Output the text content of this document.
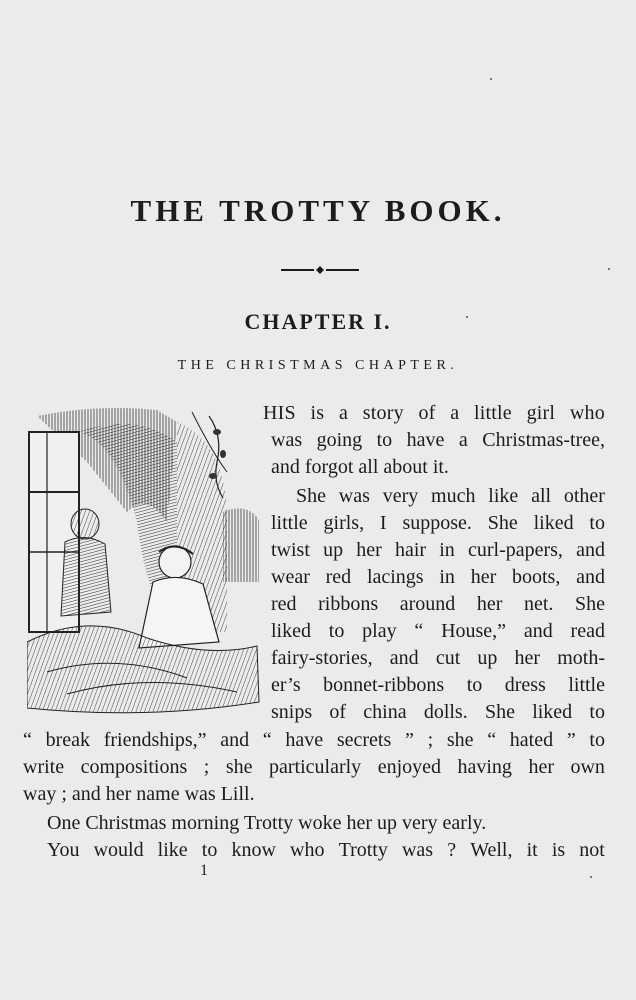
THE TROTTY BOOK.
CHAPTER I.
THE CHRISTMAS CHAPTER.
HIS is a story of a little girl who
was going to have a Christmas-tree,
and forgot all about it.
She was very much like all other
little girls, I suppose. She liked to
twist up her hair in curl-papers, and
wear red lacings in her boots, and
red ribbons around her net. She
liked to play “ House,” and read
fairy-stories, and cut up her moth-
er’s bonnet-ribbons to dress little
snips of china dolls. She liked to
“ break friendships,” and “ have secrets ” ; she “ hated ” to
write compositions ; she particularly enjoyed having her own
way ; and her name was Lill.
One Christmas morning Trotty woke her up very early.
You would like to know who Trotty was ? Well, it is not
1
